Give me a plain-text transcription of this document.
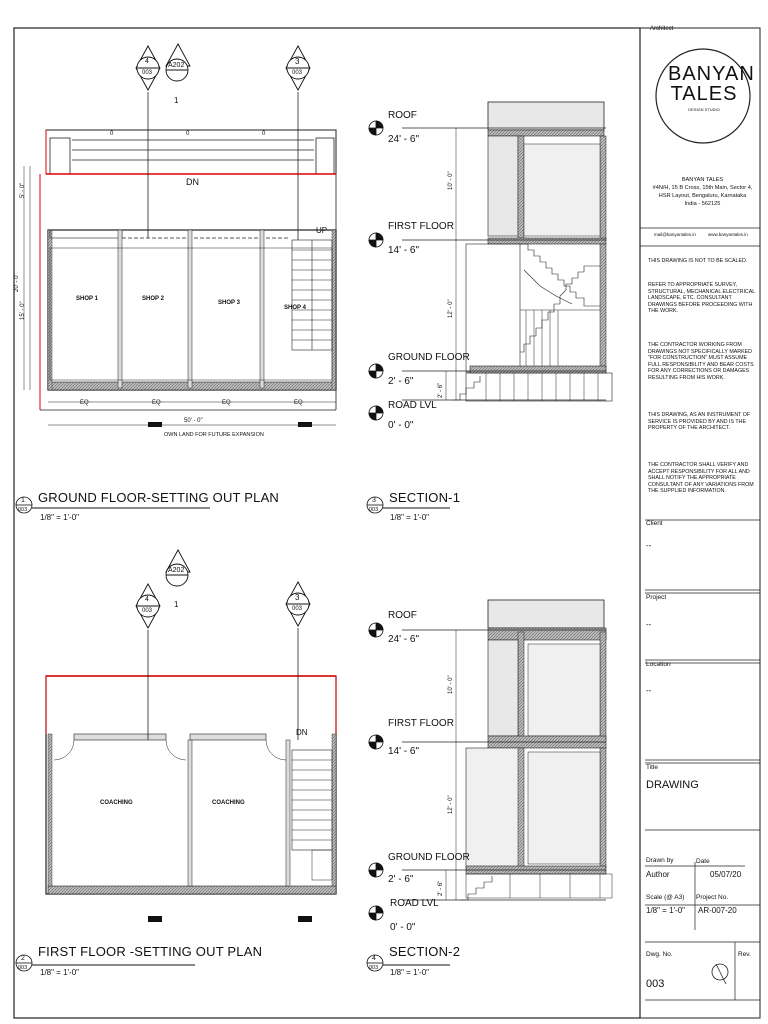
DN
UP
SHOP 1	SHOP 2
SHOP 3
SHOP 4
EQ	EQ	EQ	EQ
50' - 0"
OWN LAND FOR FUTURE EXPANSION
0	0	0
5' - 0"
20' - 0"
15' - 0"
4
003
A202
1
3
003
COACHING	COACHING
DN
4
003
A202
1
3
003
ROOF
24' - 6"
FIRST FLOOR
14' - 6"
GROUND FLOOR
2' - 6"
ROAD LVL
0' - 0"
10' - 0"
12' - 0"
2' - 6"
ROOF
24' - 6"
FIRST FLOOR
14' - 6"
GROUND FLOOR
2' - 6"
ROAD LVL
0' - 0"
10' - 0"
12' - 0"
2' - 6"
1
003
GROUND FLOOR-SETTING OUT PLAN
1/8" = 1'-0"
2
003
FIRST FLOOR -SETTING OUT PLAN
1/8" = 1'-0"
3
003
SECTION-1
1/8" = 1'-0"
4
003
SECTION-2
1/8" = 1'-0"
Architect
BANYAN
TALES
DESIGN STUDIO
BANYAN TALES
#4N/H, 15 B Cross, 15th Main, Sector 4,
HSR Layout, Bengaluru, Karnataka
India - 562125
mail@banyantales.in	www.banyantales.in
THIS DRAWING IS NOT TO BE SCALED.
REFER TO APPROPRIATE SURVEY, STRUCTURAL, MECHANICAL ELECTRICAL LANDSCAPE, ETC. CONSULTANT DRAWINGS BEFORE PROCEEDING WITH THE WORK.
THE CONTRACTOR WORKING FROM DRAWINGS NOT SPECIFICALLY MARKED "FOR CONSTRUCTION" MUST ASSUME FULL RESPONSIBILITY AND BEAR COSTS FOR ANY CORRECTIONS OR DAMAGES RESULTING FROM HIS WORK.
THIS DRAWING, AS AN INSTRUMENT OF SERVICE IS PROVIDED BY AND IS THE PROPERTY OF THE ARCHITECT.
THE CONTRACTOR SHALL VERIFY AND ACCEPT RESPONSIBILITY FOR ALL AND SHALL NOTIFY THE APPROPRIATE CONSULTANT OF ANY VARIATIONS FROM THE SUPPLIED INFORMATION.
Client
--
Project
--
Location
--
Title
DRAWING
Drawn by
Author
Date
05/07/20
Scale (@ A3)
1/8" = 1'-0"
Project No.
AR-007-20
Dwg. No.
003
Rev.
